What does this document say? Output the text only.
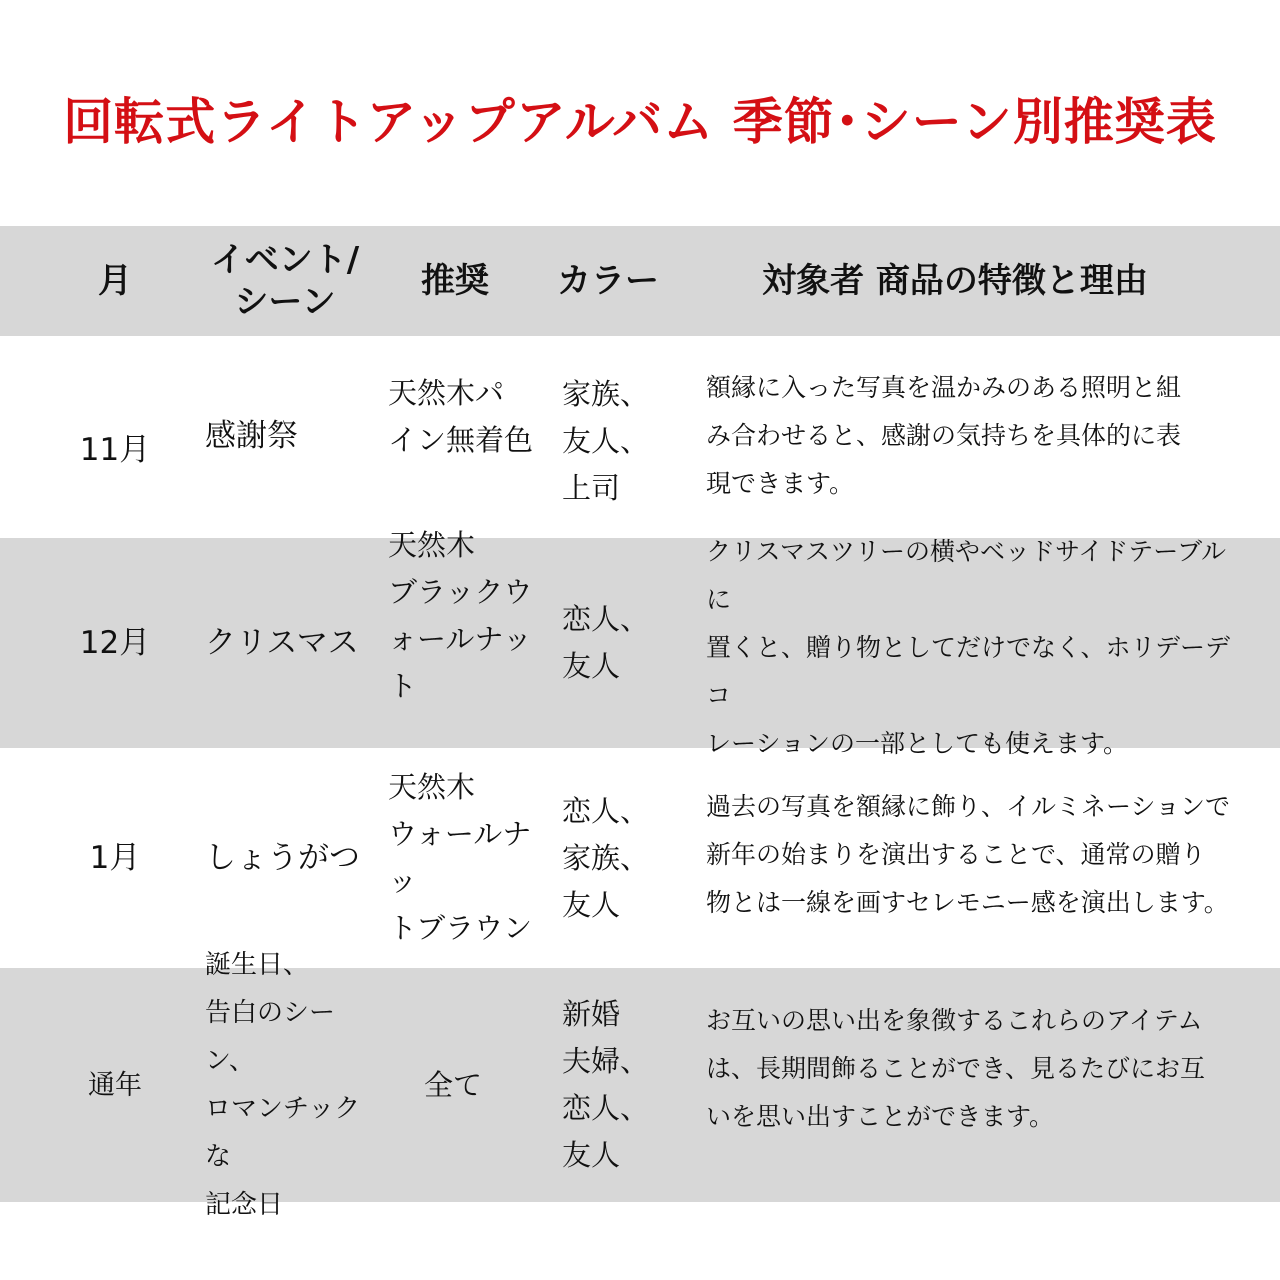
回転式ライトアップアルバム 季節･シーン別推奨表
月
イベント/
シーン
推奨 カラー	対象者 商品の特徴と理由
11月 感謝祭
天然木パ
イン無着色
家族、
友人、
上司
額縁に入った写真を温かみのある照明と組
み合わせると、感謝の気持ちを具体的に表
現できます。
12月 クリスマス
天然木
ブラックウ
ォールナット
恋人、
友人
クリスマスツリーの横やベッドサイドテーブルに
置くと、贈り物としてだけでなく、ホリデーデコ
レーションの一部としても使えます。
1月 しょうがつ
天然木
ウォールナッ
トブラウン
恋人、
家族、
友人
過去の写真を額縁に飾り、イルミネーションで
新年の始まりを演出することで、通常の贈り
物とは一線を画すセレモニー感を演出します。
通年
誕生日、
告白のシーン、
ロマンチックな
記念日
全て
新婚
夫婦、
恋人、
友人
お互いの思い出を象徴するこれらのアイテム
は、長期間飾ることができ、見るたびにお互
いを思い出すことができます。
